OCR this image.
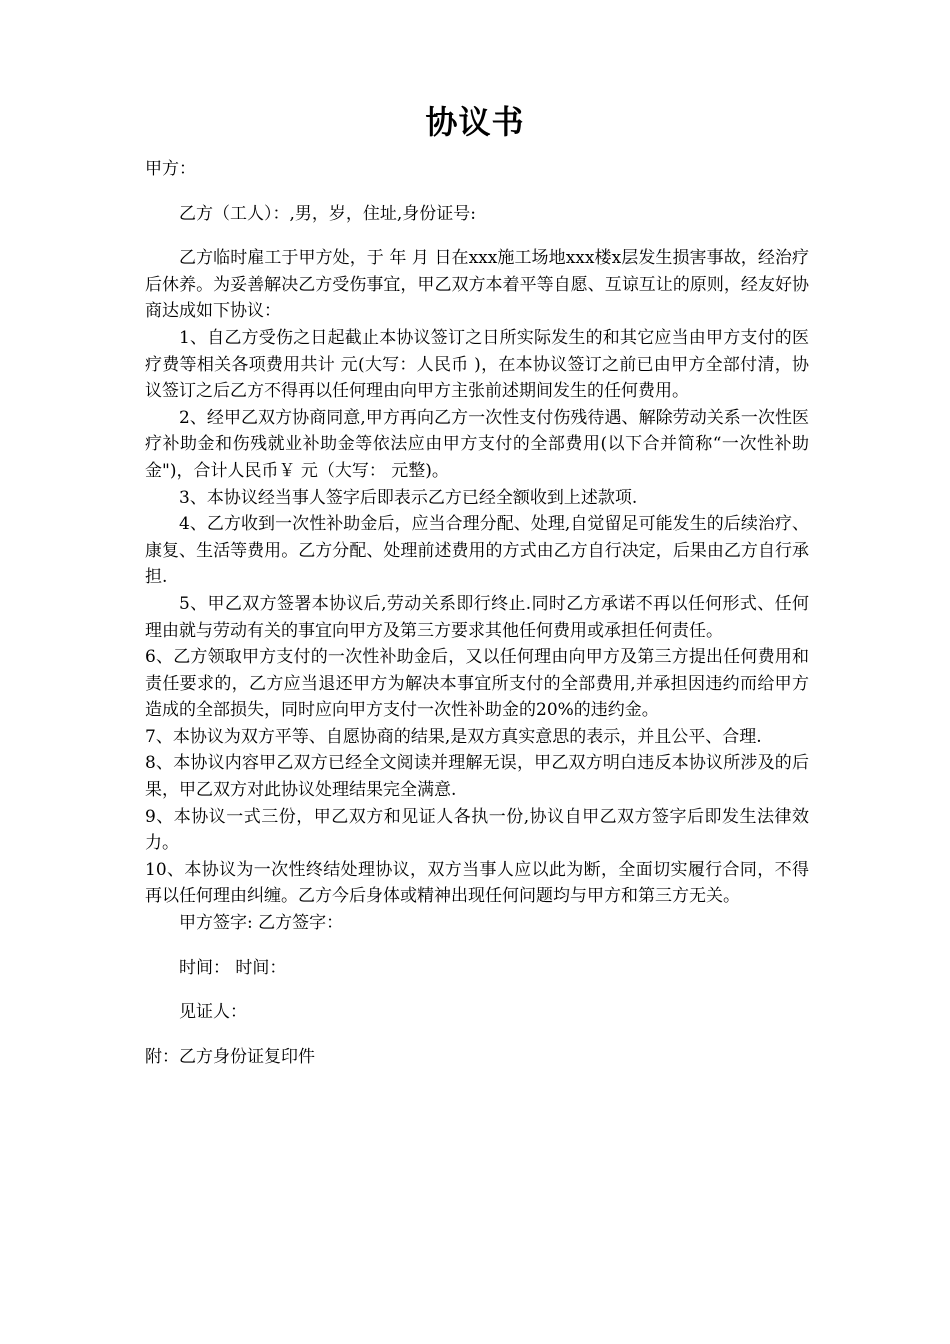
协议书

甲方：

乙方（工人）：,男，岁，住址,身份证号:

乙方临时雇工于甲方处，于 年 月 日在xxx施工场地xxx楼x层发生损害事故，经治疗后休养。为妥善解决乙方受伤事宜，甲乙双方本着平等自愿、互谅互让的原则，经友好协商达成如下协议：

1、自乙方受伤之日起截止本协议签订之日所实际发生的和其它应当由甲方支付的医疗费等相关各项费用共计 元(大写：人民币 )，在本协议签订之前已由甲方全部付清，协议签订之后乙方不得再以任何理由向甲方主张前述期间发生的任何费用。

2、经甲乙双方协商同意,甲方再向乙方一次性支付伤残待遇、解除劳动关系一次性医疗补助金和伤残就业补助金等依法应由甲方支付的全部费用(以下合并简称“一次性补助金")，合计人民币￥ 元（大写： 元整)。

3、本协议经当事人签字后即表示乙方已经全额收到上述款项.

4、乙方收到一次性补助金后，应当合理分配、处理,自觉留足可能发生的后续治疗、康复、生活等费用。乙方分配、处理前述费用的方式由乙方自行决定，后果由乙方自行承担.

5、甲乙双方签署本协议后,劳动关系即行终止.同时乙方承诺不再以任何形式、任何理由就与劳动有关的事宜向甲方及第三方要求其他任何费用或承担任何责任。

6、乙方领取甲方支付的一次性补助金后，又以任何理由向甲方及第三方提出任何费用和责任要求的，乙方应当退还甲方为解决本事宜所支付的全部费用,并承担因违约而给甲方造成的全部损失，同时应向甲方支付一次性补助金的20%的违约金。

7、本协议为双方平等、自愿协商的结果,是双方真实意思的表示，并且公平、合理.

8、本协议内容甲乙双方已经全文阅读并理解无误，甲乙双方明白违反本协议所涉及的后果，甲乙双方对此协议处理结果完全满意.

9、本协议一式三份，甲乙双方和见证人各执一份,协议自甲乙双方签字后即发生法律效力。

10、本协议为一次性终结处理协议，双方当事人应以此为断，全面切实履行合同，不得再以任何理由纠缠。乙方今后身体或精神出现任何问题均与甲方和第三方无关。

甲方签字: 乙方签字：

时间： 时间：

见证人：

附：乙方身份证复印件
